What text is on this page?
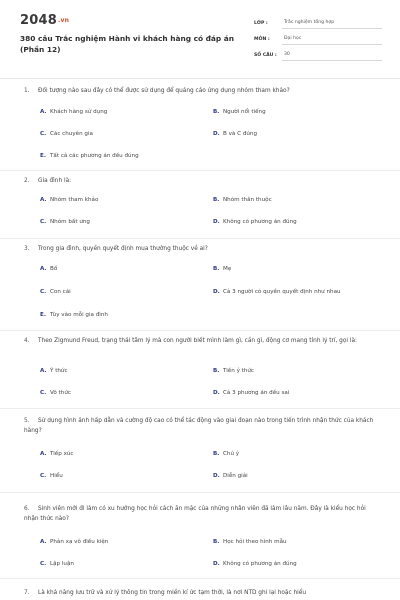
2048.vn
380 câu Trắc nghiệm Hành vi khách hàng có đáp án (Phần 12)
LỚP :	Trắc nghiệm tổng hợp
MÔN :	Đại học
SỐ CÂU :	30
1. Đối tượng nào sau đây có thể được sử dụng để quảng cáo ứng dụng nhóm tham khảo?
A. Khách hàng sử dụng	B. Người nổi tiếng
C. Các chuyên gia	D. B và C đúng
E. Tất cả các phương án đều đúng
2. Gia đình là:
A. Nhóm tham khảo	B. Nhóm thân thuộc
C. Nhóm bất ưng	D. Không có phương án đúng
3. Trong gia đình, quyền quyết định mua thường thuộc về ai?
A. Bố	B. Mẹ
C. Con cái	D. Cả 3 người có quyền quyết định như nhau
E. Tùy vào mỗi gia đình
4. Theo Zigmund Freud, trạng thái tâm lý mà con người biết mình làm gì, cần gì, động cơ mang tính lý trí, gọi là:
A. Ý thức	B. Tiền ý thức
C. Vô thức	D. Cả 3 phương án đều sai
5. Sử dụng hình ảnh hấp dẫn và cường độ cao có thể tác động vào giai đoạn nào trong tiến trình nhận thức của khách hàng?
A. Tiếp xúc	B. Chú ý
C. Hiểu	D. Diễn giải
6. Sinh viên mới đi làm có xu hướng học hỏi cách ăn mặc của những nhân viên đã làm lâu năm. Đây là kiểu học hỏi nhận thức nào?
A. Phản xạ vô điều kiện	B. Học hỏi theo hình mẫu
C. Lập luận	D. Không có phương án đúng
7. Là khả năng lưu trữ và xử lý thông tin trong miền kí ức tạm thời, là nơi NTD ghi lại hoặc hiểu
